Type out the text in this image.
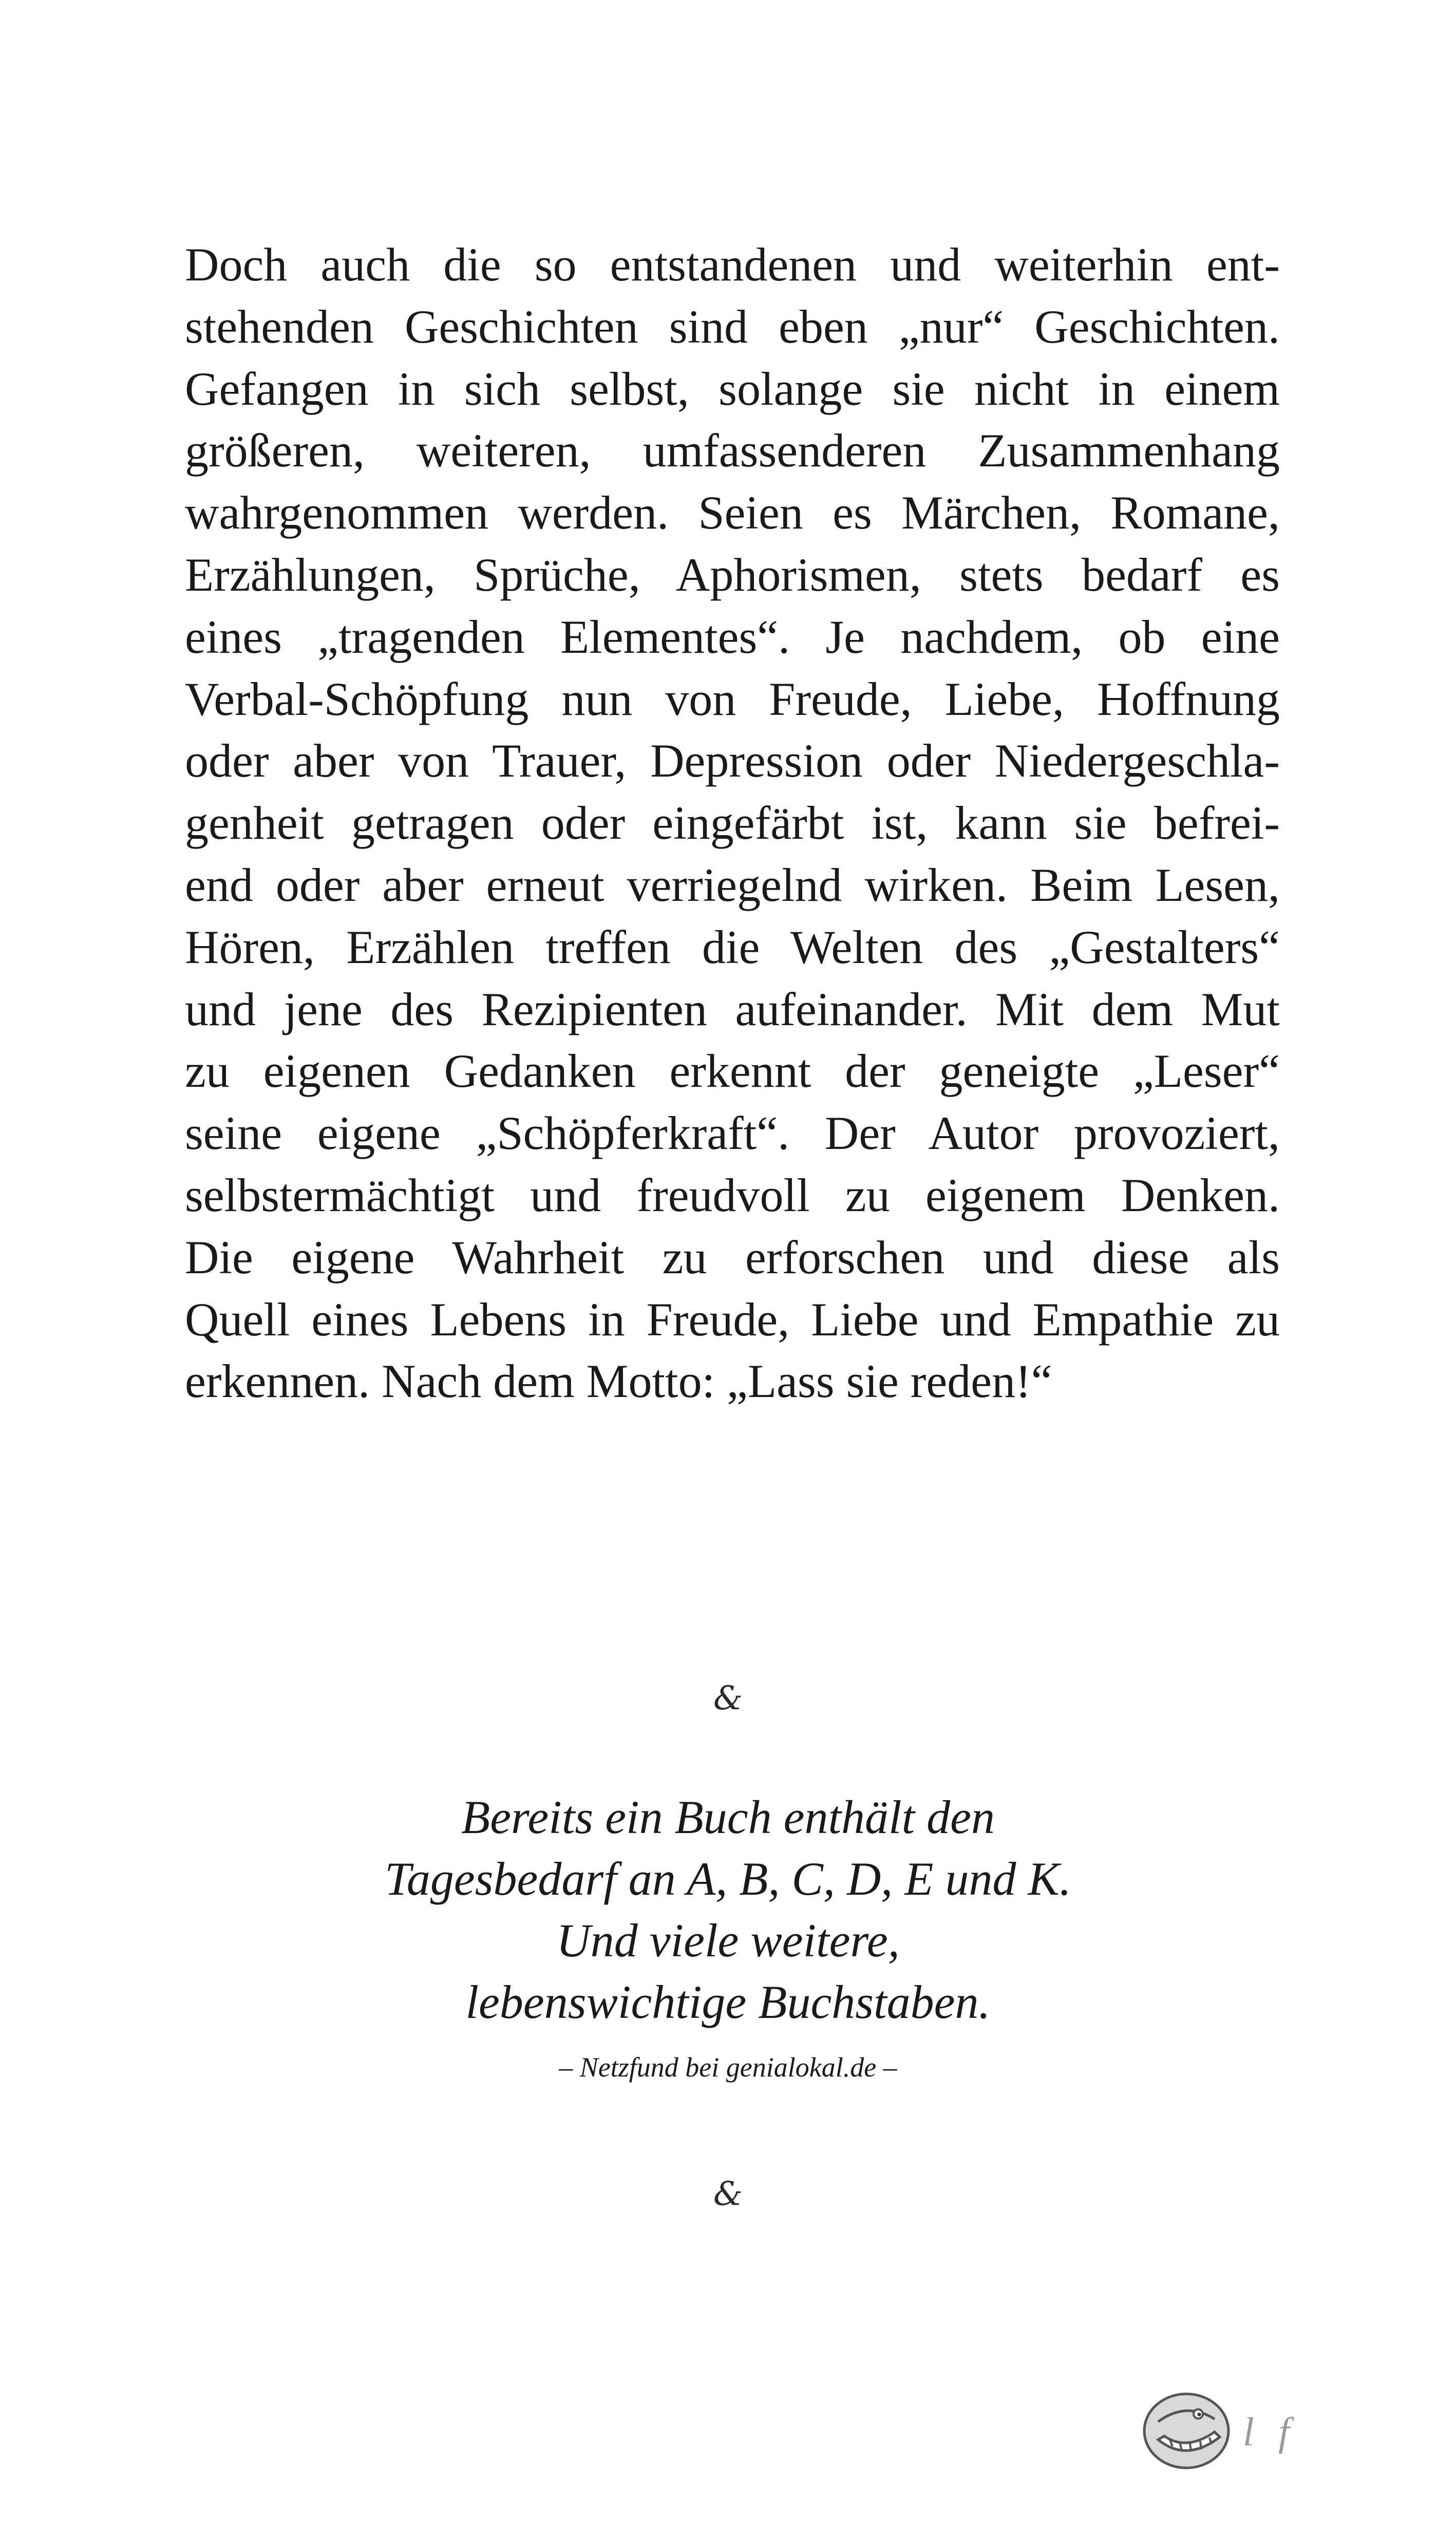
Doch auch die so entstandenen und weiterhin ent-
stehenden Geschichten sind eben „nur“ Geschichten.
Gefangen in sich selbst, solange sie nicht in einem
größeren, weiteren, umfassenderen Zusammenhang
wahrgenommen werden. Seien es Märchen, Romane,
Erzählungen, Sprüche, Aphorismen, stets bedarf es
eines „tragenden Elementes“. Je nachdem, ob eine
Verbal-Schöpfung nun von Freude, Liebe, Hoffnung
oder aber von Trauer, Depression oder Niedergeschla-
genheit getragen oder eingefärbt ist, kann sie befrei-
end oder aber erneut verriegelnd wirken. Beim Lesen,
Hören, Erzählen treffen die Welten des „Gestalters“
und jene des Rezipienten aufeinander. Mit dem Mut
zu eigenen Gedanken erkennt der geneigte „Leser“
seine eigene „Schöpferkraft“. Der Autor provoziert,
selbstermächtigt und freudvoll zu eigenem Denken.
Die eigene Wahrheit zu erforschen und diese als
Quell eines Lebens in Freude, Liebe und Empathie zu
erkennen. Nach dem Motto: „Lass sie reden!“
&
Bereits ein Buch enthält den
Tagesbedarf an A, B, C, D, E und K.
Und viele weitere,
lebenswichtige Buchstaben.
– Netzfund bei genialokal.de –
&
l f
